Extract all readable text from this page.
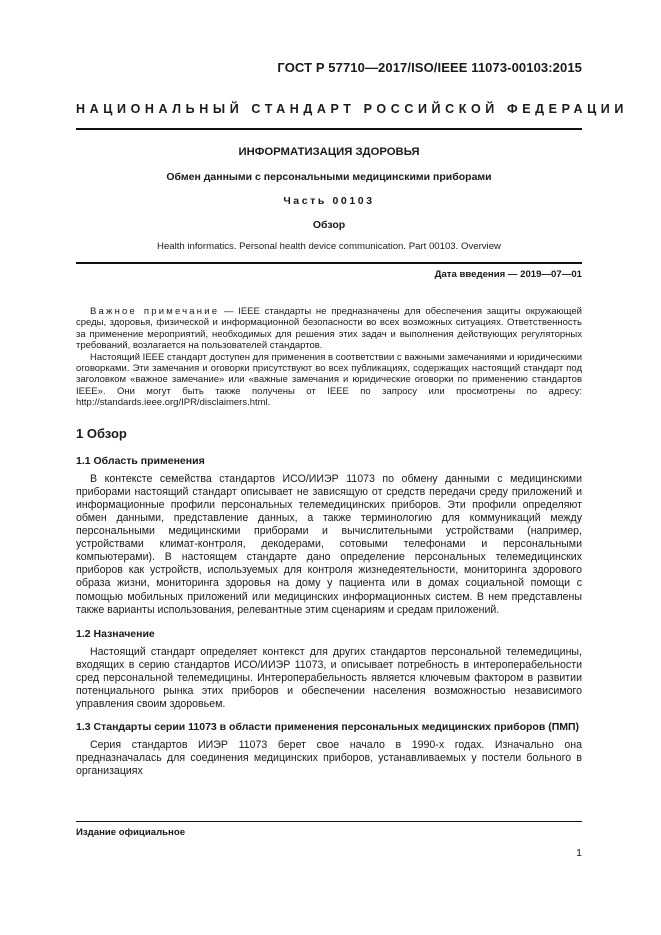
ГОСТ Р 57710—2017/ISO/IEEE 11073-00103:2015
НАЦИОНАЛЬНЫЙ СТАНДАРТ РОССИЙСКОЙ ФЕДЕРАЦИИ
ИНФОРМАТИЗАЦИЯ ЗДОРОВЬЯ
Обмен данными с персональными медицинскими приборами
Часть 00103
Обзор
Health informatics. Personal health device communication. Part 00103. Overview
Дата введения — 2019—07—01

Важное примечание — IEEE стандарты не предназначены для обеспечения защиты окружающей среды, здоровья, физической и информационной безопасности во всех возможных ситуациях. Ответственность за применение мероприятий, необходимых для решения этих задач и выполнения действующих регуляторных требований, возлагается на пользователей стандартов.

Настоящий IEEE стандарт доступен для применения в соответствии с важными замечаниями и юридическими оговорками. Эти замечания и оговорки присутствуют во всех публикациях, содержащих настоящий стандарт под заголовком «важное замечание» или «важные замечания и юридические оговорки по применению стандартов IEEE». Они могут быть также получены от IEEE по запросу или просмотрены по адресу: http://standards.ieee.org/IPR/disclaimers.html.

1 Обзор
1.1 Область применения

В контексте семейства стандартов ИСО/ИИЭР 11073 по обмену данными с медицинскими приборами настоящий стандарт описывает не зависящую от средств передачи среду приложений и информационные профили персональных телемедицинских приборов. Эти профили определяют обмен данными, представление данных, а также терминологию для коммуникаций между персональными медицинскими приборами и вычислительными устройствами (например, устройствами климат-контроля, декодерами, сотовыми телефонами и персональными компьютерами). В настоящем стандарте дано определение персональных телемедицинских приборов как устройств, используемых для контроля жизнедеятельности, мониторинга здорового образа жизни, мониторинга здоровья на дому у пациента или в домах социальной помощи с помощью мобильных приложений или медицинских информационных систем. В нем представлены также варианты использования, релевантные этим сценариям и средам приложений.

1.2 Назначение

Настоящий стандарт определяет контекст для других стандартов персональной телемедицины, входящих в серию стандартов ИСО/ИИЭР 11073, и описывает потребность в интероперабельности сред персональной телемедицины. Интероперабельность является ключевым фактором в развитии потенциального рынка этих приборов и обеспечении населения возможностью независимого управления своим здоровьем.

1.3 Стандарты серии 11073 в области применения персональных медицинских приборов (ПМП)

Серия стандартов ИИЭР 11073 берет свое начало в 1990-х годах. Изначально она предназначалась для соединения медицинских приборов, устанавливаемых у постели больного в организациях

Издание официальное
1
